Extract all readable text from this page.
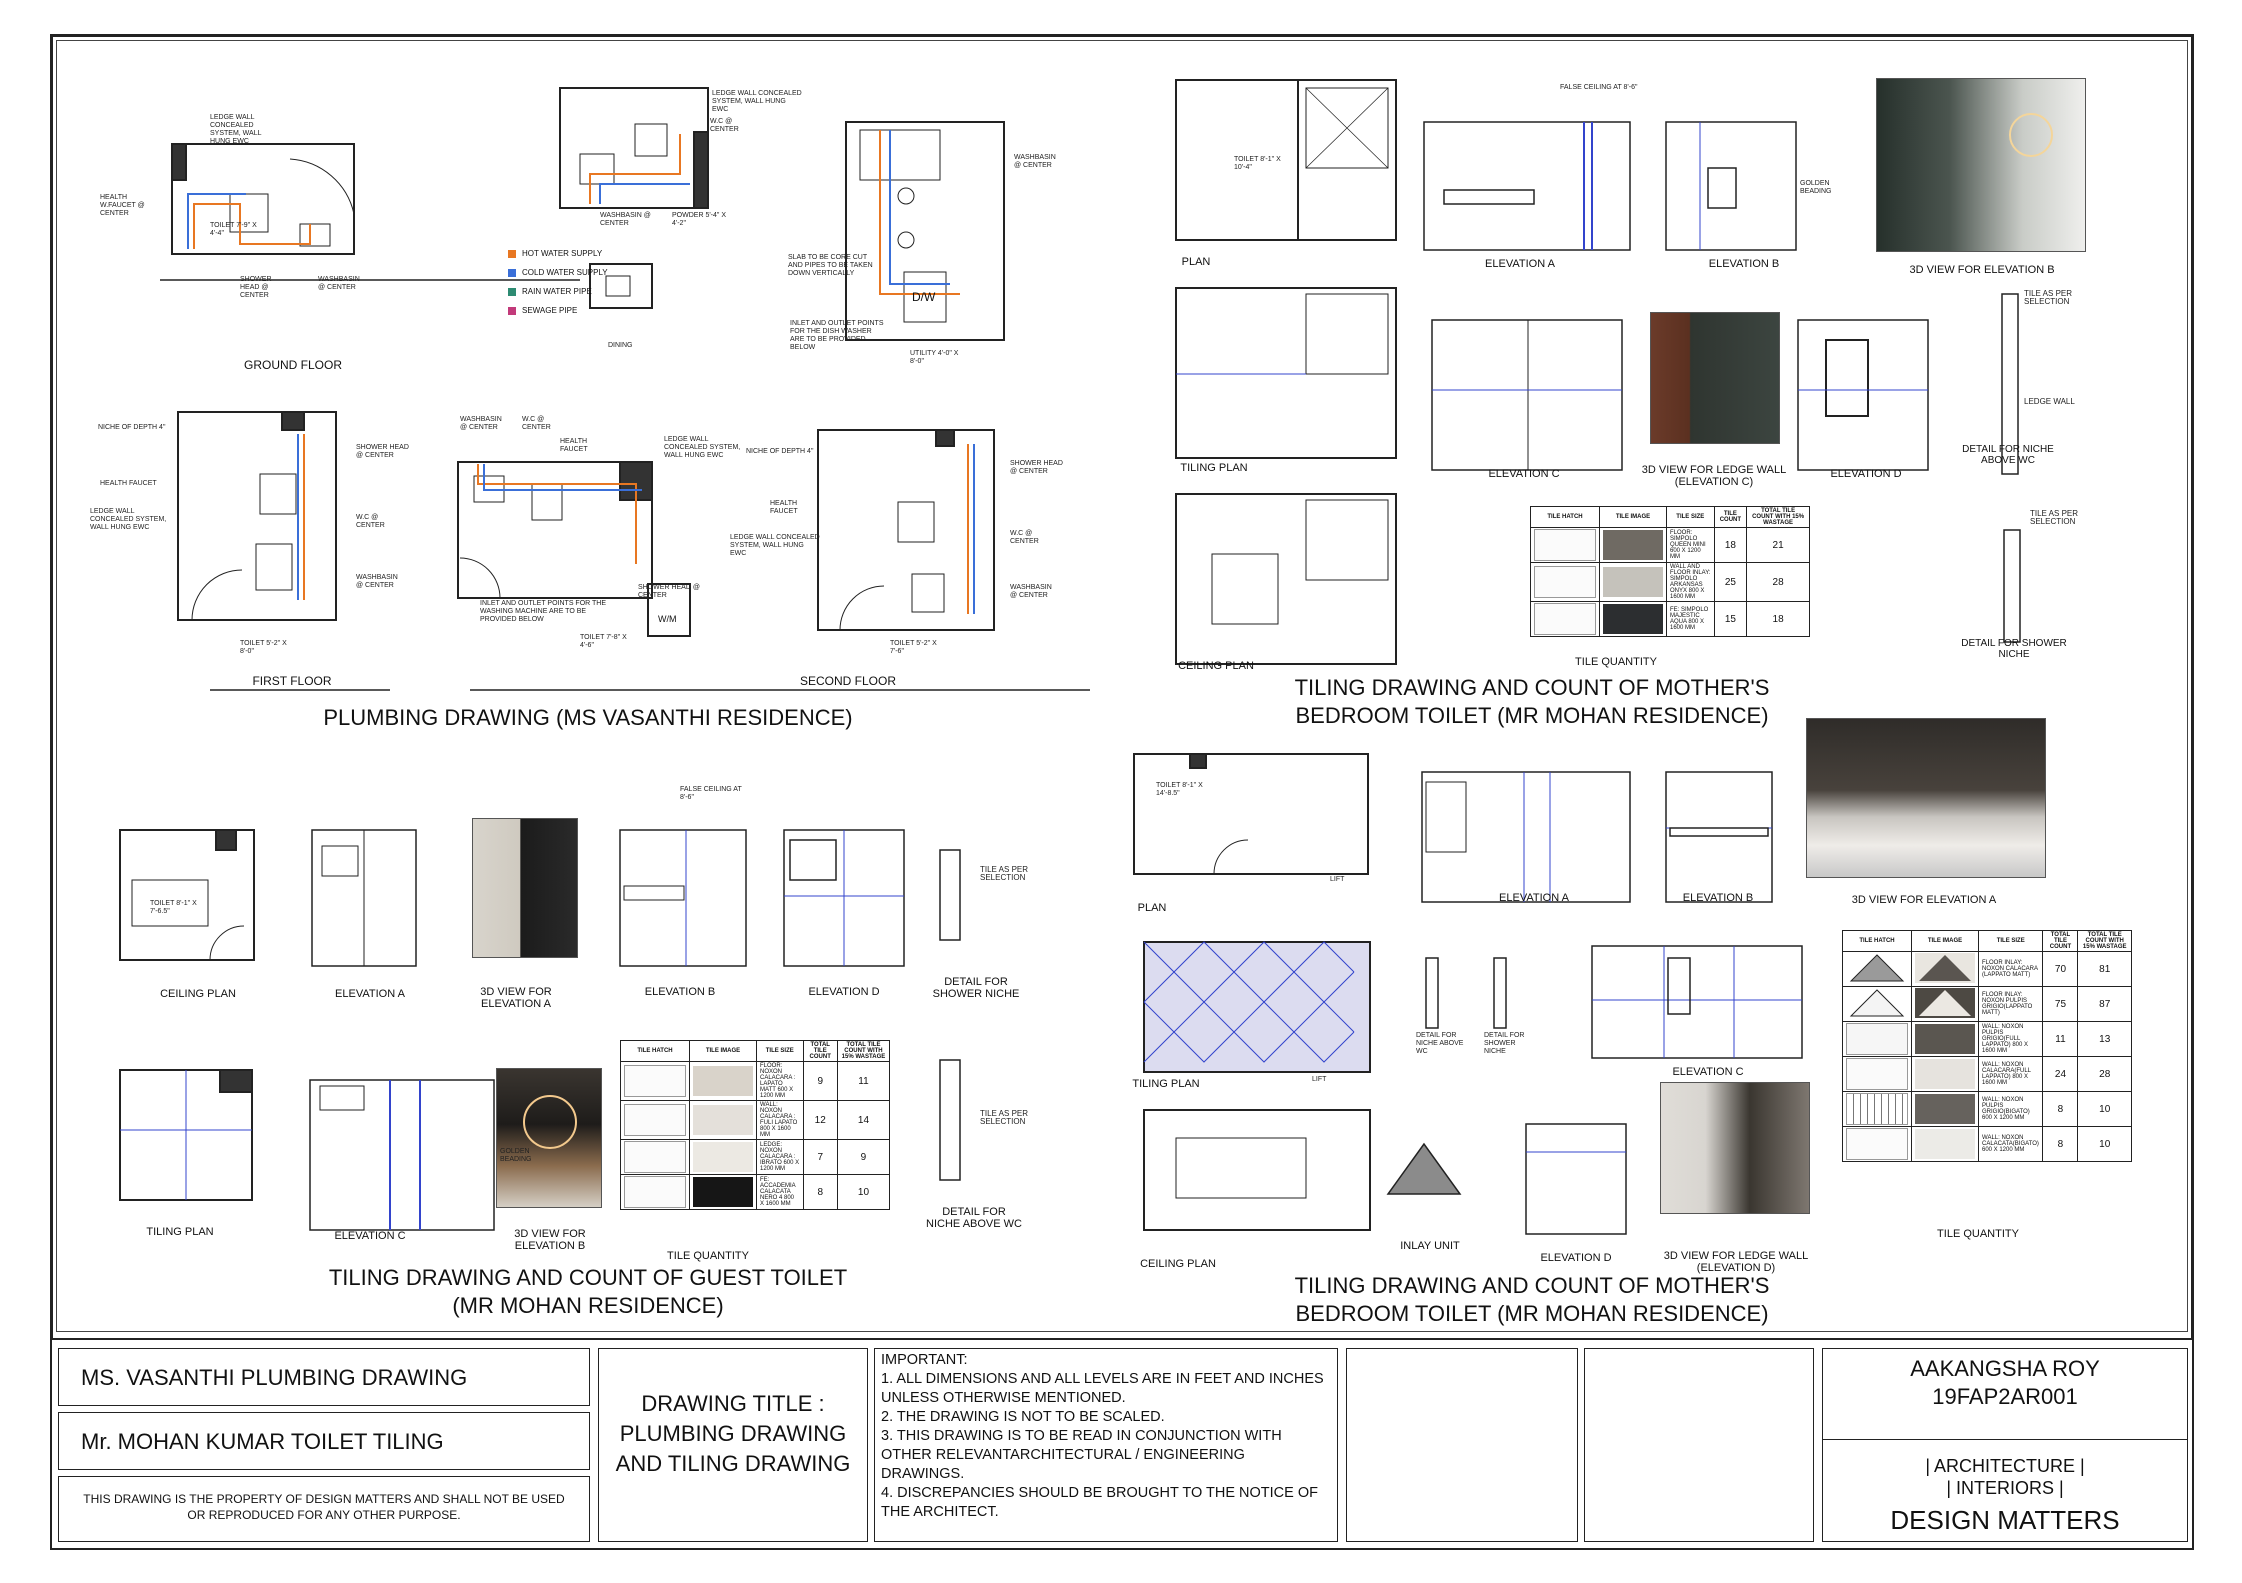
GROUND FLOOR
FIRST FLOOR	SECOND FLOOR
LEDGE WALL CONCEALED SYSTEM, WALL HUNG EWC
HEALTH W.FAUCET @ CENTER
TOILET 7'-9" X 4'-4"
SHOWER HEAD @ CENTER
WASHBASIN @ CENTER
LEDGE WALL CONCEALED SYSTEM, WALL HUNG EWC
W.C @ CENTER
WASHBASIN @ CENTER
POWDER 5'-4" X 4'-2"
DINING
SLAB TO BE CORE CUT AND PIPES TO BE TAKEN DOWN VERTICALLY
INLET AND OUTLET POINTS FOR THE DISH WASHER ARE TO BE PROVIDED BELOW
WASHBASIN @ CENTER
UTILITY 4'-0" X 8'-0"
D/W
NICHE OF DEPTH 4"
HEALTH FAUCET
LEDGE WALL CONCEALED SYSTEM, WALL HUNG EWC
SHOWER HEAD @ CENTER
W.C @ CENTER
WASHBASIN @ CENTER
TOILET 5'-2" X 8'-0"
WASHBASIN @ CENTER
W.C @ CENTER
HEALTH FAUCET
LEDGE WALL CONCEALED SYSTEM, WALL HUNG EWC
INLET AND OUTLET POINTS FOR THE WASHING MACHINE ARE TO BE PROVIDED BELOW
TOILET 7'-8" X 4'-6"
SHOWER HEAD @ CENTER
W/M
NICHE OF DEPTH 4"
HEALTH FAUCET
LEDGE WALL CONCEALED SYSTEM, WALL HUNG EWC
SHOWER HEAD @ CENTER
W.C @ CENTER
WASHBASIN @ CENTER
TOILET 5'-2" X 7'-6"
HOT WATER SUPPLY
COLD WATER SUPPLY
RAIN WATER PIPE
SEWAGE PIPE
PLUMBING DRAWING (MS VASANTHI RESIDENCE)
CEILING PLAN	ELEVATION A	3D VIEW FOR ELEVATION A
ELEVATION B	ELEVATION D
DETAIL FOR SHOWER NICHE
TILE AS PER SELECTION
FALSE CEILING AT 8'-6"
TOILET 8'-1" X 7'-6.5"
TILING PLAN	ELEVATION C
GOLDEN BEADING
3D VIEW FOR ELEVATION B
DETAIL FOR NICHE ABOVE WC
TILE AS PER SELECTION
TILE QUANTITY
TILE HATCH	TILE IMAGE	TILE SIZE	TOTAL TILE COUNT	TOTAL TILE COUNT WITH 15% WASTAGE

	FLOOR: NOXON CALACARA : LAPATO MATT 600 X 1200 MM	9	11

	WALL: NOXON CALACARA : FULI LAPATO 800 X 1600 MM	12	14

	LEDGE: NOXON CALACARA : IBRATO 600 X 1200 MM	7	9

	FE: ACCADEMIA CALACATA NERO 4 800 X 1600 MM	8	10
TILING DRAWING AND COUNT OF GUEST TOILET
(MR MOHAN RESIDENCE)
PLAN	ELEVATION A	ELEVATION B	3D VIEW FOR ELEVATION B
GOLDEN BEADING
FALSE CEILING AT 8'-6"
TOILET 8'-1" X 10'-4"
TILING PLAN	ELEVATION C	3D VIEW FOR LEDGE WALL (ELEVATION C)
ELEVATION D
TILE AS PER SELECTION
LEDGE WALL
DETAIL FOR NICHE ABOVE WC
CEILING PLAN
TILE AS PER SELECTION
DETAIL FOR SHOWER NICHE
TILE QUANTITY
TILE HATCH	TILE IMAGE	TILE SIZE	TILE COUNT	TOTAL TILE COUNT WITH 15% WASTAGE

	FLOOR: SIMPOLO QUEEN MINI 600 X 1200 MM	18	21

	WALL AND FLOOR INLAY: SIMPOLO ARKANSAS ONYX 800 X 1600 MM	25	28

	FE: SIMPOLO MAJESTIC AQUA 800 X 1600 MM	15	18
TILING DRAWING AND COUNT OF MOTHER'S
BEDROOM TOILET (MR MOHAN RESIDENCE)
PLAN
TOILET 8'-1" X 14'-8.5"
LIFT
ELEVATION A	ELEVATION B	3D VIEW FOR ELEVATION A
TILING PLAN
DETAIL FOR NICHE ABOVE WC
DETAIL FOR SHOWER NICHE
LIFT
ELEVATION C
CEILING PLAN
INLAY UNIT
ELEVATION D	3D VIEW FOR LEDGE WALL (ELEVATION D)
TILE QUANTITY
TILE HATCH	TILE IMAGE	TILE SIZE	TOTAL TILE COUNT	TOTAL TILE COUNT WITH 15% WASTAGE
		FLOOR INLAY: NOXON CALACARA (LAPPATO MATT)	70	81
		FLOOR INLAY: NOXON PULPIS GRIGIO(LAPPATO MATT)	75	87

	WALL: NOXON PULPIS GRIGIO(FULL LAPPATO) 800 X 1600 MM	11	13

	WALL: NOXON CALACARA(FULL LAPPATO) 800 X 1600 MM	24	28

	WALL: NOXON PULPIS GRIGIO(BIGATO) 600 X 1200 MM	8	10

	WALL: NOXON CALACATA(BIGATO) 600 X 1200 MM	8	10
TILING DRAWING AND COUNT OF MOTHER'S
BEDROOM TOILET (MR MOHAN RESIDENCE)
MS. VASANTHI PLUMBING DRAWING
Mr. MOHAN KUMAR TOILET TILING
THIS DRAWING IS THE PROPERTY OF DESIGN MATTERS AND SHALL NOT BE USED OR REPRODUCED FOR ANY OTHER PURPOSE.
DRAWING TITLE :
PLUMBING DRAWING
AND TILING DRAWING
IMPORTANT:
1. ALL DIMENSIONS AND ALL LEVELS ARE IN FEET AND INCHES UNLESS OTHERWISE MENTIONED.
2. THE DRAWING IS NOT TO BE SCALED.
3. THIS DRAWING IS TO BE READ IN CONJUNCTION WITH OTHER RELEVANTARCHITECTURAL / ENGINEERING DRAWINGS.
4. DISCREPANCIES SHOULD BE BROUGHT TO THE NOTICE OF THE ARCHITECT.
AAKANGSHA ROY
19FAP2AR001
| ARCHITECTURE |
| INTERIORS |
DESIGN MATTERS
